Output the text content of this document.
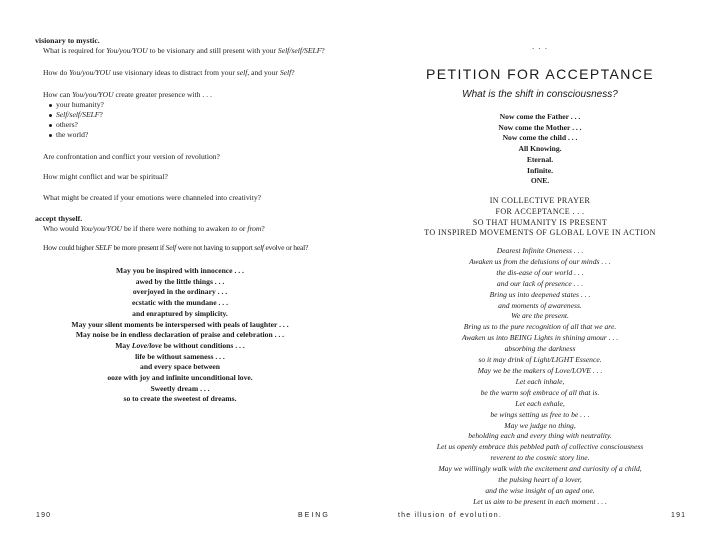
visionary to mystic.
What is required for You/you/YOU to be visionary and still present with your Self/self/SELF?
How do You/you/YOU use visionary ideas to distract from your self, and your Self?
How can You/you/YOU create greater presence with . . .
your humanity?
Self/self/SELF?
others?
the world?
Are confrontation and conflict your version of revolution?
How might conflict and war be spiritual?
What might be created if your emotions were channeled into creativity?
accept thyself.
Who would You/you/YOU be if there were nothing to awaken to or from?
How could higher SELF be more present if Self were not having to support self evolve or heal?
May you be inspired with innocence . . .
awed by the little things . . .
overjoyed in the ordinary . . .
ecstatic with the mundane . . .
and enraptured by simplicity.
May your silent moments be interspersed with peals of laughter . . .
May noise be in endless declaration of praise and celebration . . .
May Love/love be without conditions . . .
life be without sameness . . .
and every space between
ooze with joy and infinite unconditional love.
Sweetly dream . . .
so to create the sweetest of dreams.
190	BEING
. . .
PETITION FOR ACCEPTANCE
What is the shift in consciousness?
Now come the Father . . .
Now come the Mother . . .
Now come the child . . .
All Knowing.
Eternal.
Infinite.
ONE.
IN COLLECTIVE PRAYER
FOR ACCEPTANCE . . .
SO THAT HUMANITY IS PRESENT
TO INSPIRED MOVEMENTS OF GLOBAL LOVE IN ACTION
Dearest Infinite Oneness . . .
Awaken us from the delusions of our minds . . .
the dis-ease of our world . . .
and our lack of presence . . .
Bring us into deepened states . . .
and moments of awareness.
We are the present.
Bring us to the pure recognition of all that we are.
Awaken us into BEING Lights in shining amour . . .
absorbing the darkness
so it may drink of Light/LIGHT Essence.
May we be the makers of Love/LOVE . . .
Let each inhale,
be the warm soft embrace of all that is.
Let each exhale,
be wings setting us free to be . . .
May we judge no thing,
beholding each and every thing with neutrality.
Let us openly embrace this pebbled path of collective consciousness
reverent to the cosmic story line.
May we willingly walk with the excitement and curiosity of a child,
the pulsing heart of a lover,
and the wise insight of an aged one.
Let us aim to be present in each moment . . .
the illusion of evolution.	191
